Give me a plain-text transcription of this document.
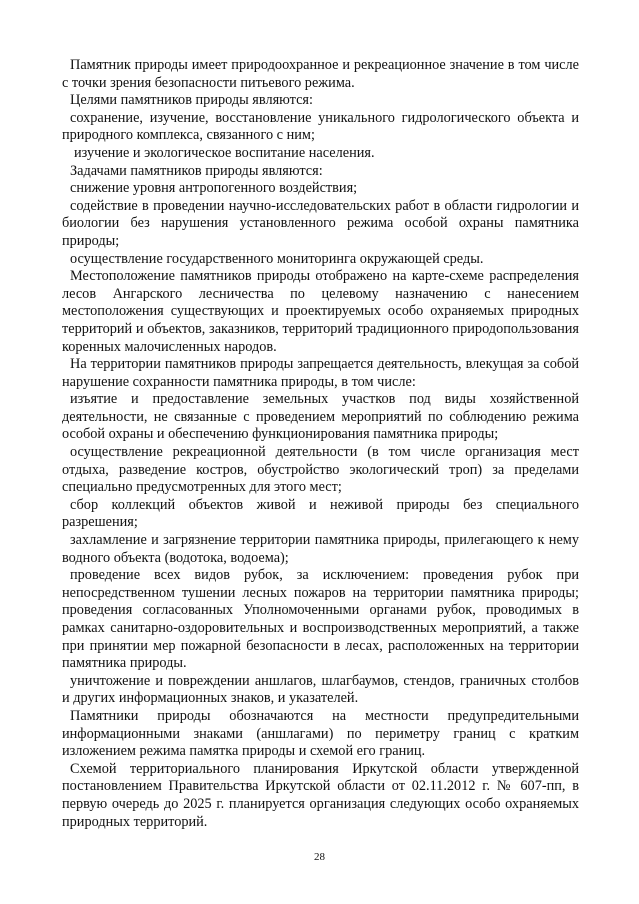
Памятник природы имеет природоохранное и рекреационное значение в том числе с точки зрения безопасности питьевого режима.

Целями памятников природы являются:

сохранение, изучение, восстановление уникального гидрологического объекта и природного комплекса, связанного с ним;

изучение и экологическое воспитание населения.

Задачами памятников природы являются:

снижение уровня антропогенного воздействия;

содействие в проведении научно-исследовательских работ в области гидрологии и биологии без нарушения установленного режима особой охраны памятника природы;

осуществление государственного мониторинга окружающей среды.

Местоположение памятников природы отображено на карте-схеме распределения лесов Ангарского лесничества по целевому назначению с нанесением местоположения существующих и проектируемых особо охраняемых природных территорий и объектов, заказников, территорий традиционного природопользования коренных малочисленных народов.

На территории памятников природы запрещается деятельность, влекущая за собой нарушение сохранности памятника природы, в том числе:

изъятие и предоставление земельных участков под виды хозяйственной деятельности, не связанные с проведением мероприятий по соблюдению режима особой охраны и обеспечению функционирования памятника природы;

осуществление рекреационной деятельности (в том числе организация мест отдыха, разведение костров, обустройство экологический троп) за пределами специально предусмотренных для этого мест;

сбор коллекций объектов живой и неживой природы без специального разрешения;

захламление и загрязнение территории памятника природы, прилегающего к нему водного объекта (водотока, водоема);

проведение всех видов рубок, за исключением: проведения рубок при непосредственном тушении лесных пожаров на территории памятника природы; проведения согласованных Уполномоченными органами рубок, проводимых в рамках санитарно-оздоровительных и воспроизводственных мероприятий, а также при принятии мер пожарной безопасности в лесах, расположенных на территории памятника природы.

уничтожение и повреждении аншлагов, шлагбаумов, стендов, граничных столбов и других информационных знаков, и указателей.

Памятники природы обозначаются на местности предупредительными информационными знаками (аншлагами) по периметру границ с кратким изложением режима памятка природы и схемой его границ.

Схемой территориального планирования Иркутской области утвержденной постановлением Правительства Иркутской области от 02.11.2012 г. № 607-пп, в первую очередь до 2025 г. планируется организация следующих особо охраняемых природных территорий.

28
